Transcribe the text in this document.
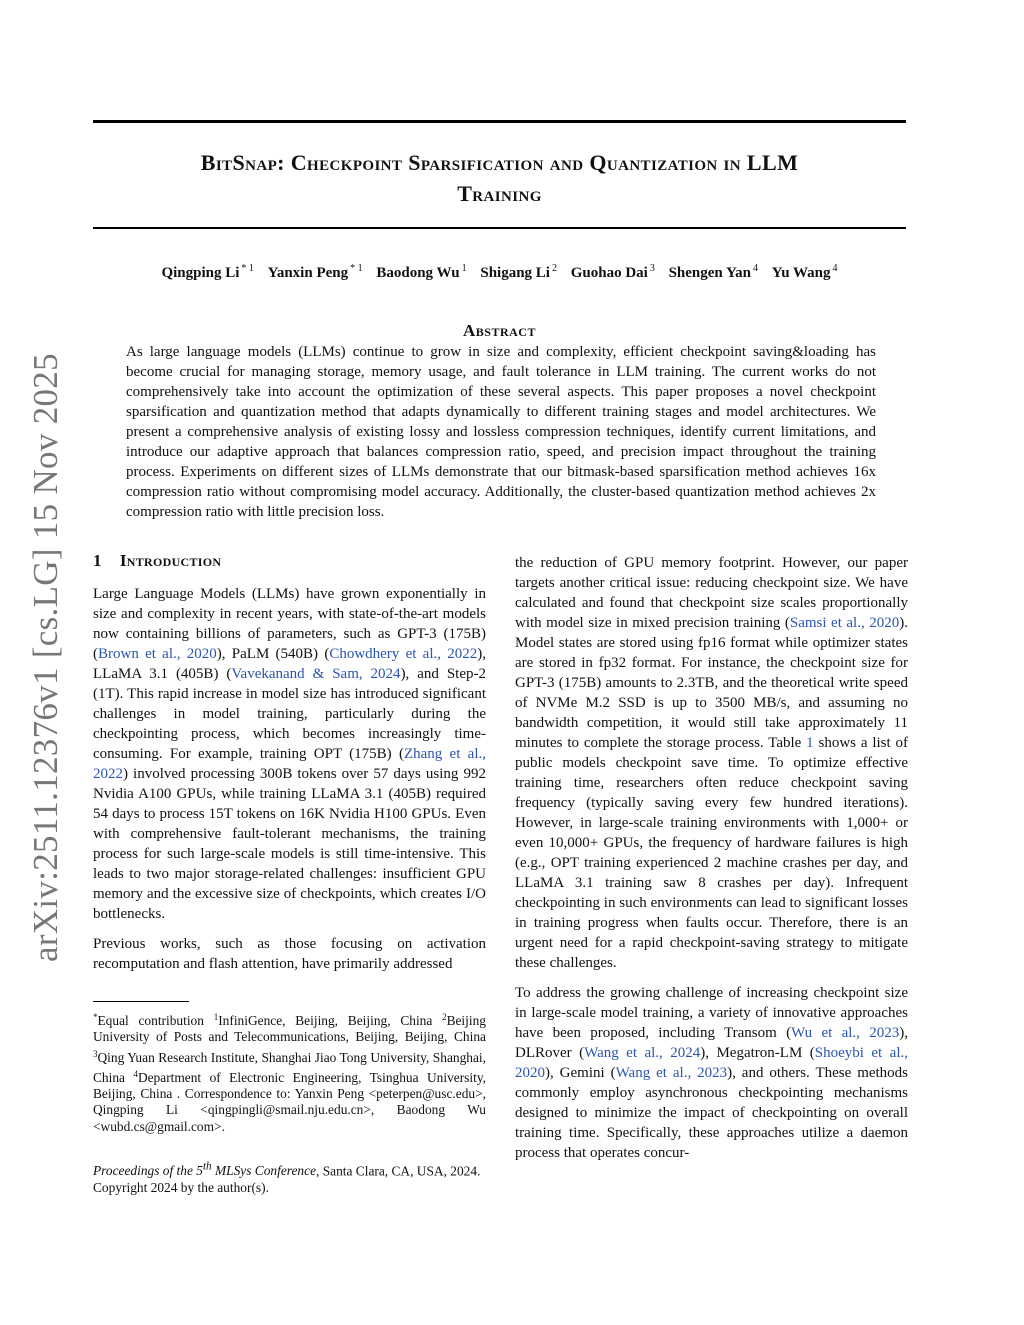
arXiv:2511.12376v1 [cs.LG] 15 Nov 2025
BitSnap: Checkpoint Sparsification and Quantization in LLM
Training
Qingping Li $^{* 1}$ Yanxin Peng $^{* 1}$ Baodong Wu $^1$ Shigang Li $^2$ Guohao Dai $^3$ Shengen Yan $^4$ Yu Wang $^4$
Abstract

As large language models (LLMs) continue to grow in size and complexity, efficient checkpoint saving&loading has become crucial for managing storage, memory usage, and fault tolerance in LLM training. The current works do not comprehensively take into account the optimization of these several aspects. This paper proposes a novel checkpoint sparsification and quantization method that adapts dynamically to different training stages and model architectures. We present a comprehensive analysis of existing lossy and lossless compression techniques, identify current limitations, and introduce our adaptive approach that balances compression ratio, speed, and precision impact throughout the training process. Experiments on different sizes of LLMs demonstrate that our bitmask-based sparsification method achieves 16x compression ratio without compromising model accuracy. Additionally, the cluster-based quantization method achieves 2x compression ratio with little precision loss.

1 Introduction

Large Language Models (LLMs) have grown exponentially in size and complexity in recent years, with state-of-the-art models now containing billions of parameters, such as GPT-3 (175B) (Brown et al., 2020), PaLM (540B) (Chowdhery et al., 2022), LLaMA 3.1 (405B) (Vavekanand & Sam, 2024), and Step-2 (1T). This rapid increase in model size has introduced significant challenges in model training, particularly during the checkpointing process, which becomes increasingly time-consuming. For example, training OPT (175B) (Zhang et al., 2022) involved processing 300B tokens over 57 days using 992 Nvidia A100 GPUs, while training LLaMA 3.1 (405B) required 54 days to process 15T tokens on 16K Nvidia H100 GPUs. Even with comprehensive fault-tolerant mechanisms, the training process for such large-scale models is still time-intensive. This leads to two major storage-related challenges: insufficient GPU memory and the excessive size of checkpoints, which creates I/O bottlenecks.

Previous works, such as those focusing on activation recomputation and flash attention, have primarily addressed

*Equal contribution $^1$InfiniGence, Beijing, Beijing, China $^2$Beijing University of Posts and Telecommunications, Beijing, Beijing, China $^3$Qing Yuan Research Institute, Shanghai Jiao Tong University, Shanghai, China $^4$Department of Electronic Engineering, Tsinghua University, Beijing, China . Correspondence to: Yanxin Peng <peterpen@usc.edu>, Qingping Li <qingpingli@smail.nju.edu.cn>, Baodong Wu <wubd.cs@gmail.com>.

Proceedings of the 5th MLSys Conference, Santa Clara, CA, USA, 2024. Copyright 2024 by the author(s).

the reduction of GPU memory footprint. However, our paper targets another critical issue: reducing checkpoint size. We have calculated and found that checkpoint size scales proportionally with model size in mixed precision training (Samsi et al., 2020). Model states are stored using fp16 format while optimizer states are stored in fp32 format. For instance, the checkpoint size for GPT-3 (175B) amounts to 2.3TB, and the theoretical write speed of NVMe M.2 SSD is up to 3500 MB/s, and assuming no bandwidth competition, it would still take approximately 11 minutes to complete the storage process. Table 1 shows a list of public models checkpoint save time. To optimize effective training time, researchers often reduce checkpoint saving frequency (typically saving every few hundred iterations). However, in large-scale training environments with 1,000+ or even 10,000+ GPUs, the frequency of hardware failures is high (e.g., OPT training experienced 2 machine crashes per day, and LLaMA 3.1 training saw 8 crashes per day). Infrequent checkpointing in such environments can lead to significant losses in training progress when faults occur. Therefore, there is an urgent need for a rapid checkpoint-saving strategy to mitigate these challenges.

To address the growing challenge of increasing checkpoint size in large-scale model training, a variety of innovative approaches have been proposed, including Transom (Wu et al., 2023), DLRover (Wang et al., 2024), Megatron-LM (Shoeybi et al., 2020), Gemini (Wang et al., 2023), and others. These methods commonly employ asynchronous checkpointing mechanisms designed to minimize the impact of checkpointing on overall training time. Specifically, these approaches utilize a daemon process that operates concur-
